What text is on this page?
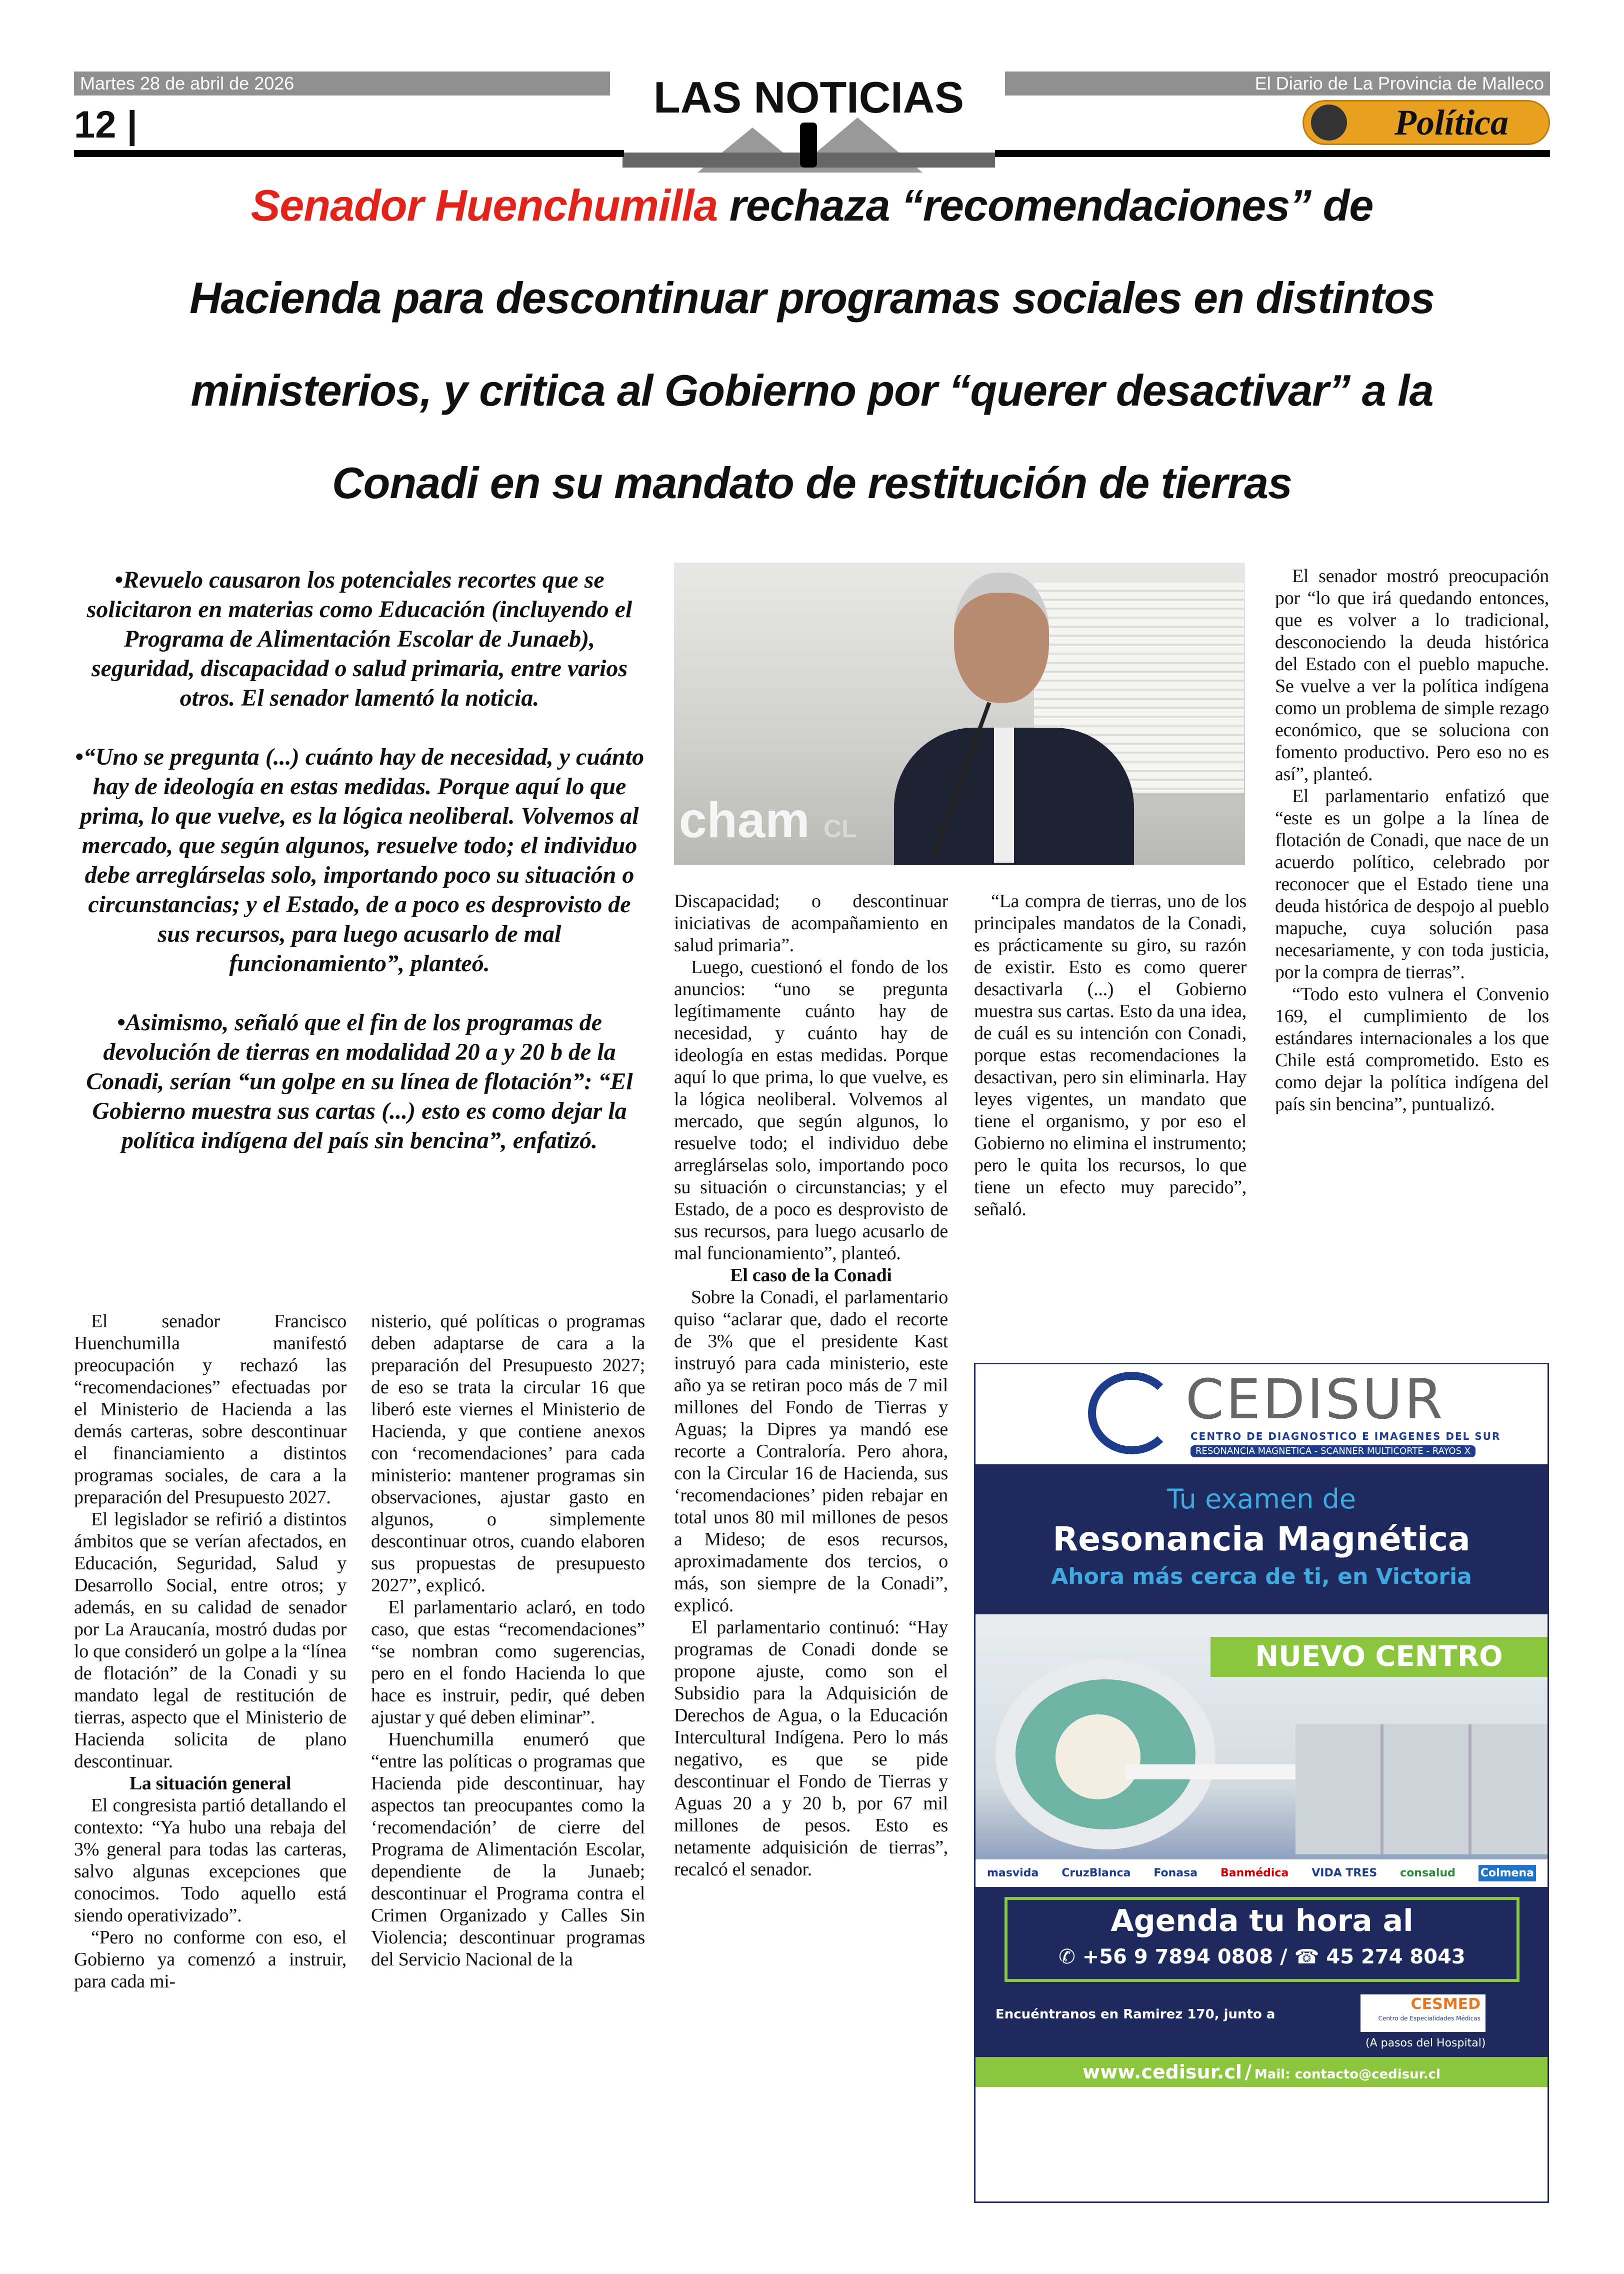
Martes 28 de abril de 2026	El Diario de La Provincia de Malleco
12 |
LAS NOTICIAS
Política
Senador Huenchumilla rechaza “recomendaciones” de
Hacienda para descontinuar programas sociales en distintos
ministerios, y critica al Gobierno por “querer desactivar” a la
Conadi en su mandato de restitución de tierras
•Revuelo causaron los potenciales recortes que se solicitaron en materias como Educación (incluyendo el Programa de Alimentación Escolar de Junaeb), seguridad, discapacidad o salud primaria, entre varios otros. El senador lamentó la noticia.
•“Uno se pregunta (...) cuánto hay de necesidad, y cuánto hay de ideología en estas medidas. Porque aquí lo que prima, lo que vuelve, es la lógica neoliberal. Volvemos al mercado, que según algunos, resuelve todo; el individuo debe arreglárselas solo, importando poco su situación o circunstancias; y el Estado, de a poco es desprovisto de sus recursos, para luego acusarlo de mal funcionamiento”, planteó.
•Asimismo, señaló que el fin de los programas de devolución de tierras en modalidad 20 a y 20 b de la Conadi, serían “un golpe en su línea de flotación”: “El Gobierno muestra sus cartas (...) esto es como dejar la política indígena del país sin bencina”, enfatizó.
cham CL

El senador Francisco Huenchumilla manifestó preocupación y rechazó las “recomendaciones” efectuadas por el Ministerio de Hacienda a las demás carteras, sobre descontinuar el financiamiento a distintos programas sociales, de cara a la preparación del Presupuesto 2027.

El legislador se refirió a distintos ámbitos que se verían afectados, en Educación, Seguridad, Salud y Desarrollo Social, entre otros; y además, en su calidad de senador por La Araucanía, mostró dudas por lo que consideró un golpe a la “línea de flotación” de la Conadi y su mandato legal de restitución de tierras, aspecto que el Ministerio de Hacienda solicita de plano descontinuar.

La situación general

El congresista partió detallando el contexto: “Ya hubo una rebaja del 3% general para todas las carteras, salvo algunas excepciones que conocimos. Todo aquello está siendo operativizado”.

“Pero no conforme con eso, el Gobierno ya comenzó a instruir, para cada mi-

nisterio, qué políticas o programas deben adaptarse de cara a la preparación del Presupuesto 2027; de eso se trata la circular 16 que liberó este viernes el Ministerio de Hacienda, y que contiene anexos con ‘recomendaciones’ para cada ministerio: mantener programas sin observaciones, ajustar gasto en algunos, o simplemente descontinuar otros, cuando elaboren sus propuestas de presupuesto 2027”, explicó.

El parlamentario aclaró, en todo caso, que estas “recomendaciones” “se nombran como sugerencias, pero en el fondo Hacienda lo que hace es instruir, pedir, qué deben ajustar y qué deben eliminar”.

Huenchumilla enumeró que “entre las políticas o programas que Hacienda pide descontinuar, hay aspectos tan preocupantes como la ‘recomendación’ de cierre del Programa de Alimentación Escolar, dependiente de la Junaeb; descontinuar el Programa contra el Crimen Organizado y Calles Sin Violencia; descontinuar programas del Servicio Nacional de la

Discapacidad; o descontinuar iniciativas de acompañamiento en salud primaria”.

Luego, cuestionó el fondo de los anuncios: “uno se pregunta legítimamente cuánto hay de necesidad, y cuánto hay de ideología en estas medidas. Porque aquí lo que prima, lo que vuelve, es la lógica neoliberal. Volvemos al mercado, que según algunos, lo resuelve todo; el individuo debe arreglárselas solo, importando poco su situación o circunstancias; y el Estado, de a poco es desprovisto de sus recursos, para luego acusarlo de mal funcionamiento”, planteó.

El caso de la Conadi

Sobre la Conadi, el parlamentario quiso “aclarar que, dado el recorte de 3% que el presidente Kast instruyó para cada ministerio, este año ya se retiran poco más de 7 mil millones del Fondo de Tierras y Aguas; la Dipres ya mandó ese recorte a Contraloría. Pero ahora, con la Circular 16 de Hacienda, sus ‘recomendaciones’ piden rebajar en total unos 80 mil millones de pesos a Mideso; de esos recursos, aproximadamente dos tercios, o más, son siempre de la Conadi”, explicó.

El parlamentario continuó: “Hay programas de Conadi donde se propone ajuste, como son el Subsidio para la Adquisición de Derechos de Agua, o la Educación Intercultural Indígena. Pero lo más negativo, es que se pide descontinuar el Fondo de Tierras y Aguas 20 a y 20 b, por 67 mil millones de pesos. Esto es netamente adquisición de tierras”, recalcó el senador.

“La compra de tierras, uno de los principales mandatos de la Conadi, es prácticamente su giro, su razón de existir. Esto es como querer desactivarla (...) el Gobierno muestra sus cartas. Esto da una idea, de cuál es su intención con Conadi, porque estas recomendaciones la desactivan, pero sin eliminarla. Hay leyes vigentes, un mandato que tiene el organismo, y por eso el Gobierno no elimina el instrumento; pero le quita los recursos, lo que tiene un efecto muy parecido”, señaló.

El senador mostró preocupación por “lo que irá quedando entonces, que es volver a lo tradicional, desconociendo la deuda histórica del Estado con el pueblo mapuche. Se vuelve a ver la política indígena como un problema de simple rezago económico, que se soluciona con fomento productivo. Pero eso no es así”, planteó.

El parlamentario enfatizó que “este es un golpe a la línea de flotación de Conadi, que nace de un acuerdo político, celebrado por reconocer que el Estado tiene una deuda histórica de despojo al pueblo mapuche, cuya solución pasa necesariamente, y con toda justicia, por la compra de tierras”.

“Todo esto vulnera el Convenio 169, el cumplimiento de los estándares internacionales a los que Chile está comprometido. Esto es como dejar la política indígena del país sin bencina”, puntualizó.

CEDISUR
CENTRO DE DIAGNOSTICO E IMAGENES DEL SUR
RESONANCIA MAGNETICA - SCANNER MULTICORTE - RAYOS X
Tu examen de
Resonancia Magnética
Ahora más cerca de ti, en Victoria
NUEVO CENTRO
masvida CruzBlanca Fonasa Banmédica VIDA TRES consalud Colmena
Agenda tu hora al
✆ +56 9 7894 0808 / ☎ 45 274 8043
Encuéntranos en Ramirez 170, junto a
CESMED
Centro de Especialidades Médicas
(A pasos del Hospital)
www.cedisur.cl / Mail: contacto@cedisur.cl
